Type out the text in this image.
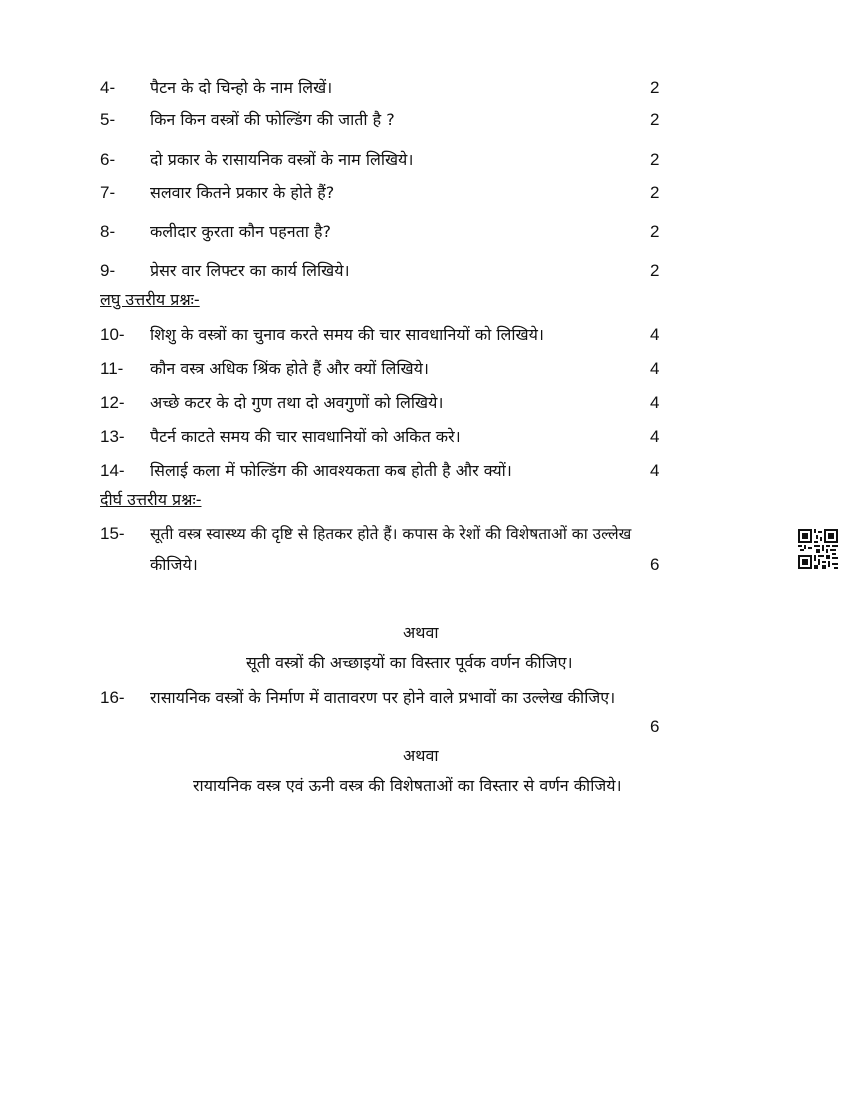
4- पैटन के दो चिन्हो के नाम लिखें।	2
5- किन किन वस्त्रों की फोल्डिंग की जाती है ?	2
6- दो प्रकार के रासायनिक वस्त्रों के नाम लिखिये।	2
7- सलवार कितने प्रकार के होते हैं?	2
8- कलीदार कुरता कौन पहनता है?	2
9- प्रेसर वार लिफ्टर का कार्य लिखिये।	2
लघु उत्तरीय प्रश्नः-
10- शिशु के वस्त्रों का चुनाव करते समय की चार सावधानियों को लिखिये।	4
11- कौन वस्त्र अधिक श्रिंक होते हैं और क्यों लिखिये।	4
12- अच्छे कटर के दो गुण तथा दो अवगुणों को लिखिये।	4
13- पैटर्न काटते समय की चार सावधानियों को अकित करे।	4
14- सिलाई कला में फोल्डिंग की आवश्यकता कब होती है और क्यों।	4
दीर्घ उत्तरीय प्रश्नः-
15- सूती वस्त्र स्वास्थ्य की दृष्टि से हितकर होते हैं। कपास के रेशों की विशेषताओं का उल्लेख
कीजिये।	6
अथवा
सूती वस्त्रों की अच्छाइयों का विस्तार पूर्वक वर्णन कीजिए।
16- रासायनिक वस्त्रों के निर्माण में वातावरण पर होने वाले प्रभावों का उल्लेख कीजिए।
6
अथवा
रायायनिक वस्त्र एवं ऊनी वस्त्र की विशेषताओं का विस्तार से वर्णन कीजिये।
